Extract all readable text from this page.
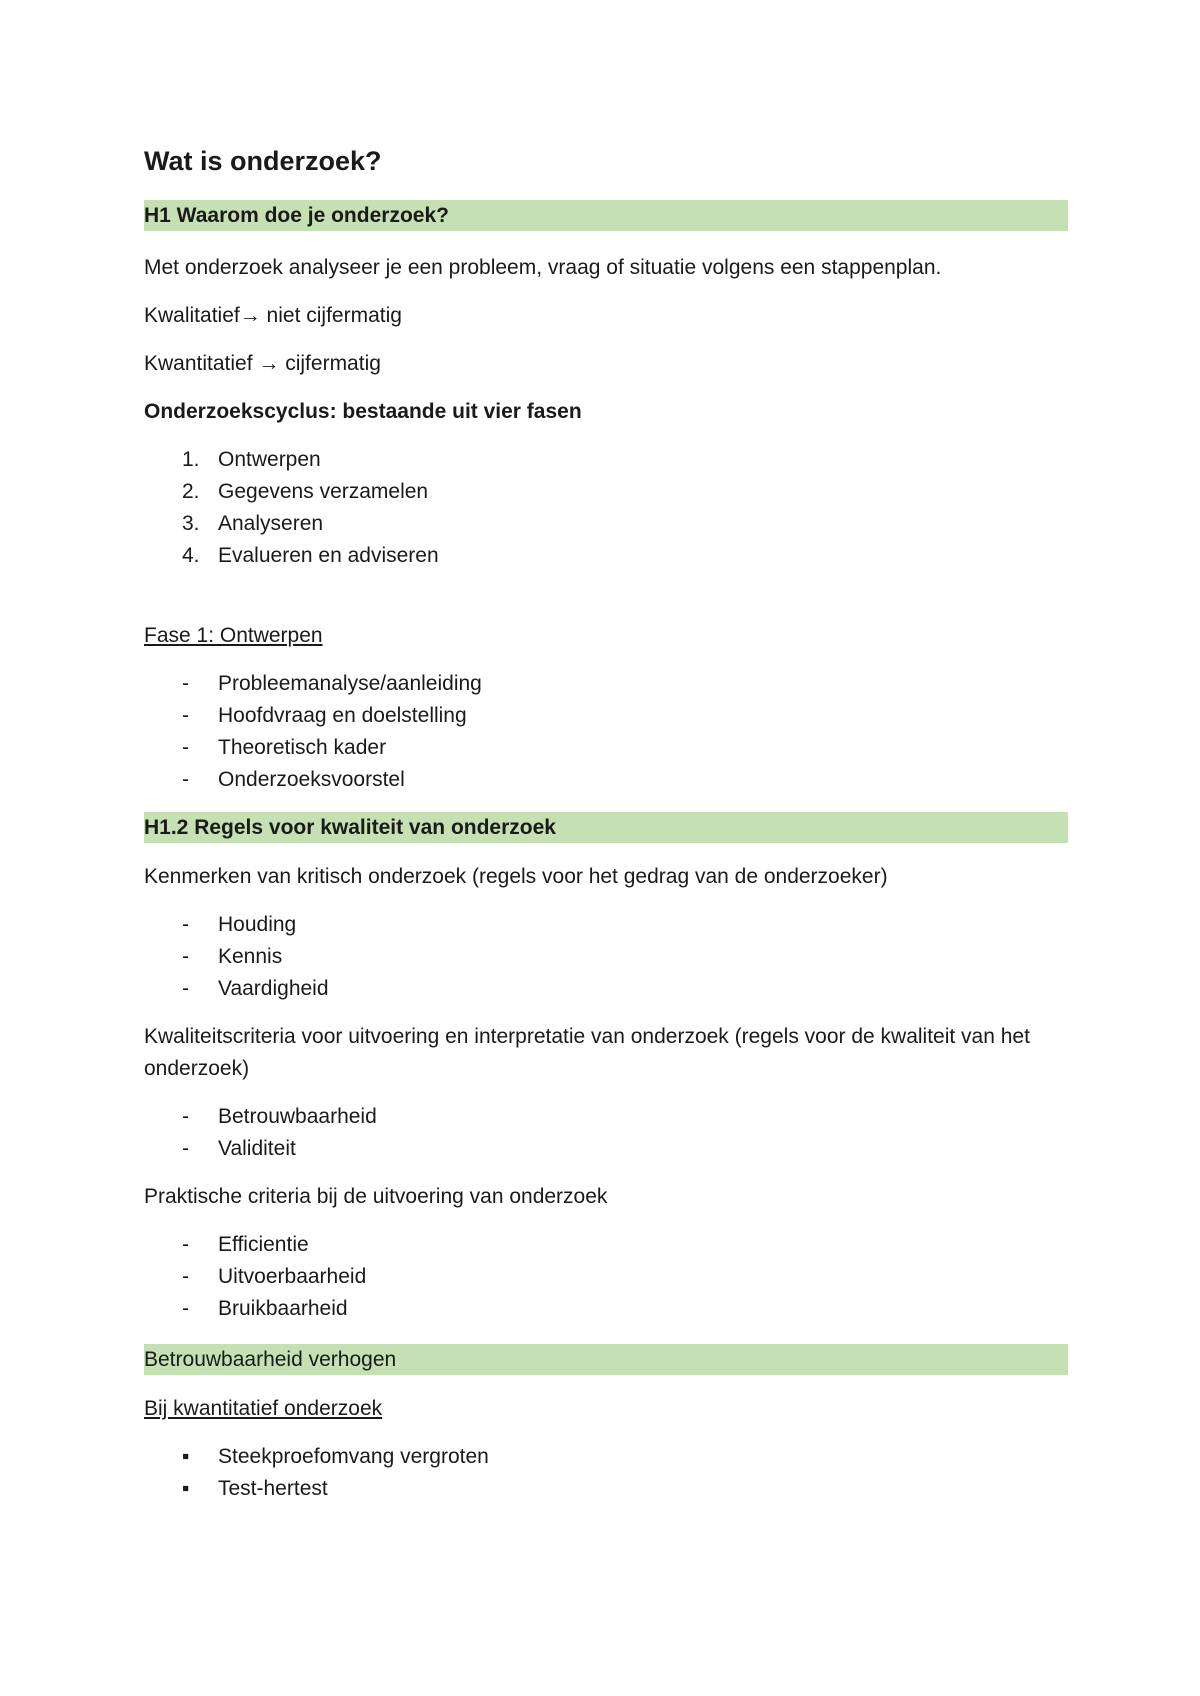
Wat is onderzoek?
H1 Waarom doe je onderzoek?
Met onderzoek analyseer je een probleem, vraag of situatie volgens een stappenplan.
Kwalitatief→ niet cijfermatig
Kwantitatief → cijfermatig
Onderzoekscyclus: bestaande uit vier fasen
1. Ontwerpen
2. Gegevens verzamelen
3. Analyseren
4. Evalueren en adviseren
Fase 1: Ontwerpen
- Probleemanalyse/aanleiding
- Hoofdvraag en doelstelling
- Theoretisch kader
- Onderzoeksvoorstel
H1.2 Regels voor kwaliteit van onderzoek
Kenmerken van kritisch onderzoek (regels voor het gedrag van de onderzoeker)
- Houding
- Kennis
- Vaardigheid
Kwaliteitscriteria voor uitvoering en interpretatie van onderzoek (regels voor de kwaliteit van het onderzoek)
- Betrouwbaarheid
- Validiteit
Praktische criteria bij de uitvoering van onderzoek
- Efficientie
- Uitvoerbaarheid
- Bruikbaarheid
Betrouwbaarheid verhogen
Bij kwantitatief onderzoek
▪ Steekproefomvang vergroten
▪ Test-hertest
